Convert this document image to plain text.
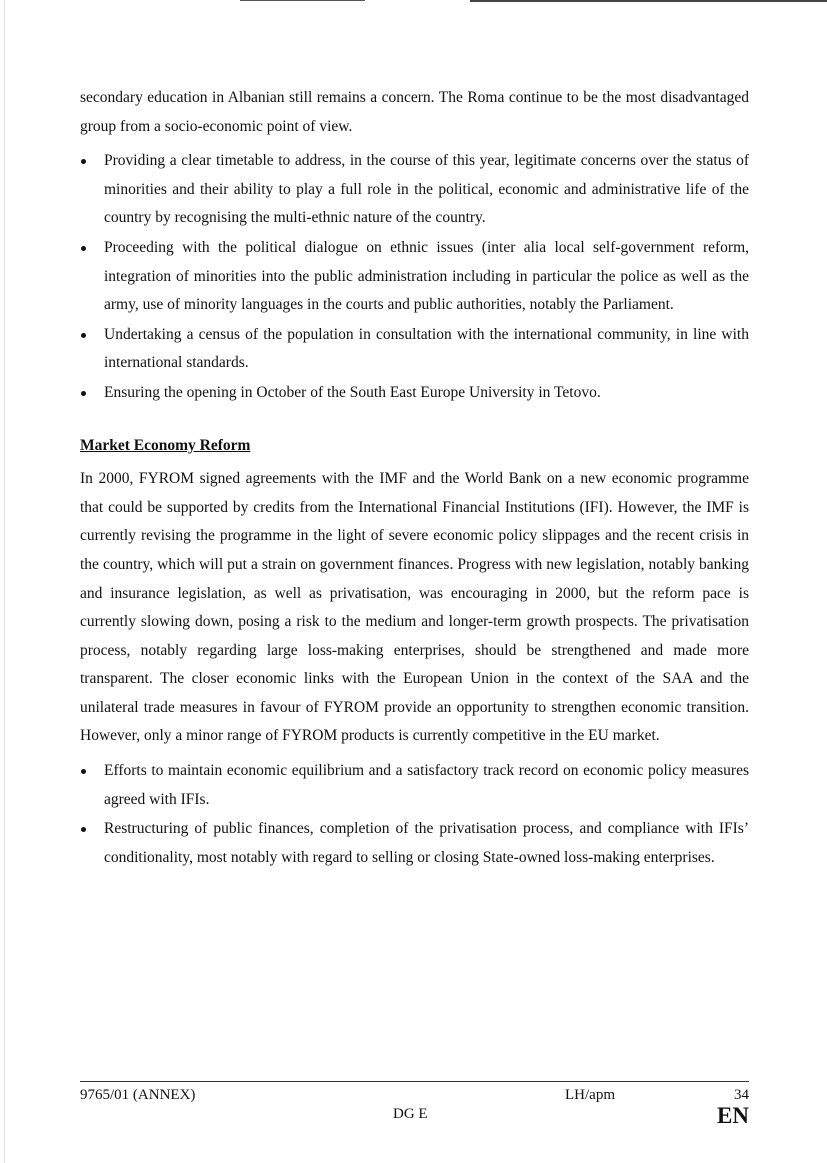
secondary education in Albanian still remains a concern. The Roma continue to be the most disadvantaged group from a socio-economic point of view.

Providing a clear timetable to address, in the course of this year, legitimate concerns over the status of minorities and their ability to play a full role in the political, economic and administrative life of the country by recognising the multi-ethnic nature of the country.
Proceeding with the political dialogue on ethnic issues (inter alia local self-government reform, integration of minorities into the public administration including in particular the police as well as the army, use of minority languages in the courts and public authorities, notably the Parliament.
Undertaking a census of the population in consultation with the international community, in line with international standards.
Ensuring the opening in October of the South East Europe University in Tetovo.
Market Economy Reform

In 2000, FYROM signed agreements with the IMF and the World Bank on a new economic programme that could be supported by credits from the International Financial Institutions (IFI). However, the IMF is currently revising the programme in the light of severe economic policy slippages and the recent crisis in the country, which will put a strain on government finances. Progress with new legislation, notably banking and insurance legislation, as well as privatisation, was encouraging in 2000, but the reform pace is currently slowing down, posing a risk to the medium and longer-term growth prospects. The privatisation process, notably regarding large loss-making enterprises, should be strengthened and made more transparent. The closer economic links with the European Union in the context of the SAA and the unilateral trade measures in favour of FYROM provide an opportunity to strengthen economic transition. However, only a minor range of FYROM products is currently competitive in the EU market.

Efforts to maintain economic equilibrium and a satisfactory track record on economic policy measures agreed with IFIs.
Restructuring of public finances, completion of the privatisation process, and compliance with IFIs’ conditionality, most notably with regard to selling or closing State-owned loss-making enterprises.
9765/01 (ANNEX)
DG E
LH/apm	34
EN
